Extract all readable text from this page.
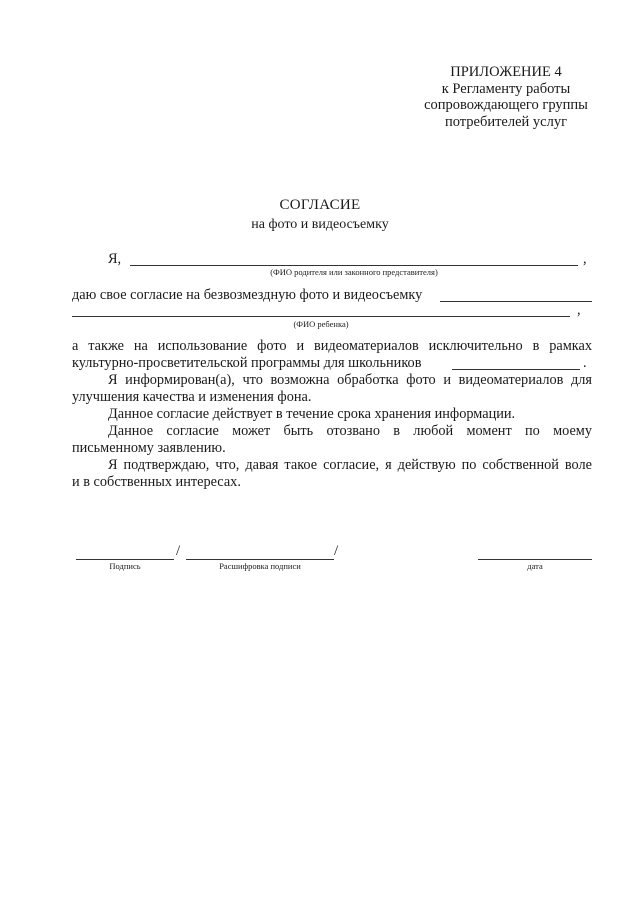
ПРИЛОЖЕНИЕ 4
к Регламенту работы
сопровождающего группы
потребителей услуг
СОГЛАСИЕ
на фото и видеосъемку
Я,	,
(ФИО родителя или законного представителя)
даю свое согласие на безвозмездную фото и видеосъемку
,
(ФИО ребенка)
а также на использование фото и видеоматериалов исключительно в рамках
культурно-просветительской программы для школьников	.
Я информирован(а), что возможна обработка фото и видеоматериалов для
улучшения качества и изменения фона.
Данное согласие действует в течение срока хранения информации.
Данное согласие может быть отозвано в любой момент по моему
письменному заявлению.
Я подтверждаю, что, давая такое согласие, я действую по собственной воле
и в собственных интересах.
/	/
Подпись	Расшифровка подписи	дата
